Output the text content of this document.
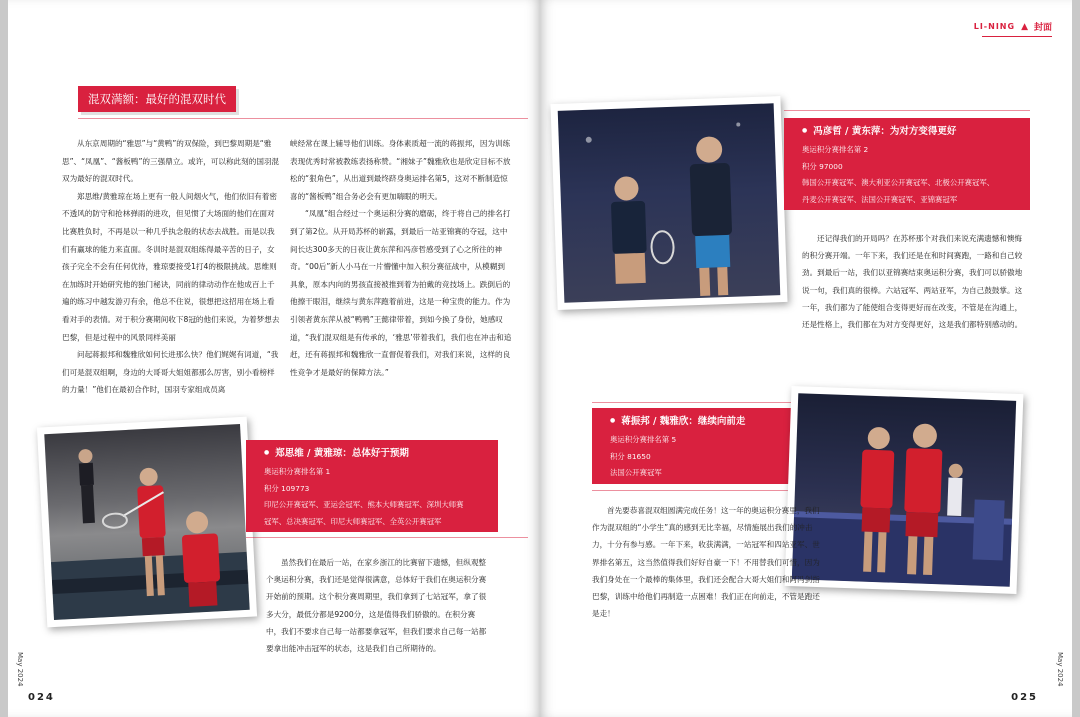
混双满额：最好的混双时代

从东京周期的“雅思”与“黄鸭”的双保险，到巴黎周期是“雅思”、“凤凰”、“酱板鸭”的三强鼎立。或许，可以称此刻的国羽混双为最好的混双时代。

郑思维/黄雅琼在场上更有一般人间烟火气，他们依旧有着密不透风的防守和抢林弹雨的进攻，但见惯了大场面的他们在面对比赛胜负时，不再是以一种几乎执念般的状态去战胜。而是以我们有赢球的能力来直面。冬训时是混双组练得最辛苦的日子，女孩子完全不会有任何优待，雅琼要接受1打4的极限挑战。思维则在加练时开始研究他的独门秘诀，同前的律动动作在他成百上千遍的练习中越发游刃有余，他总不住说，很想把这招用在场上看看对手的表情。对于积分赛期间收下8冠的他们来说，为着梦想去巴黎，但是过程中的风景同样美丽

问起蒋振邦和魏雅欣如何长进那么快？他们娓娓有词道，“我们可是混双组啊，身边的大哥哥大姐姐都那么厉害，别小看榜样的力量！”他们在最初合作时，国羽专家组成员离

峡经常在课上辅导他们训练。身体素质超一流的蒋振邦，因为训练表现优秀时常被教练表扬称赞。“湘妹子”魏雅欣也是欣定目标不放松的“狠角色”，从出道到最终跻身奥运排名第5，这对不断制造惊喜的“酱板鸭”组合务必会有更加嗨眼的明天。

“凤凰”组合经过一个奥运积分赛的磨砺，终于将自己的排名打到了第2位。从开局苏杯的崭露，到最后一站亚锦赛的夺冠，这中间长达300多天的日夜让黄东萍和冯彦哲感受到了心之所往的神奇。“00后”新人小马在一片懵懂中加入积分赛征战中，从模糊到具象，原本内向的男孩直接被推到着为拍戴的竞技场上。跌倒后的他擦干眼泪，继续与黄东萍跑着前进，这是一种宝贵的能力。作为引领者黄东萍从被“鸭鸭”王懿律带着，到如今换了身份，她感叹道，“我们混双组是有传承的，‘雅思’带着我们，我们也在冲击和追赶，还有蒋振邦和魏雅欣一直督促着我们，对我们来说，这样的良性竞争才是最好的保障方法。”

● 郑思维 / 黄雅琼：总体好于预期
奥运积分赛排名第 1
积分 109773
印尼公开赛冠军、亚运会冠军、熊本大师赛冠军、深圳大师赛
冠军、总决赛冠军、印尼大师赛冠军、全英公开赛冠军

虽然我们在最后一站，在家乡浙江的比赛留下遗憾，但纵观整个奥运积分赛，我们还是觉得很满意，总体好于我们在奥运积分赛开始前的预期。这个积分赛周期里，我们拿到了七站冠军，拿了很多大分，最低分都是9200分，这是值得我们骄傲的。在积分赛中，我们不要求自己每一站都要拿冠军，但我们要求自己每一站都要拿出能冲击冠军的状态，这是我们自己所期待的。

May 2024
024
LI-NING ▲ 封面
● 冯彦哲 / 黄东萍：为对方变得更好
奥运积分赛排名第 2
积分 97000
韩国公开赛冠军、澳大利亚公开赛冠军、北极公开赛冠军、
丹麦公开赛冠军、法国公开赛冠军、亚锦赛冠军

还记得我们的开局吗？在苏杯那个对我们来说充满遗憾和懊悔的积分赛开端。一年下来，我们还是在和时间赛跑，一路和自己较劲。到最后一站，我们以亚锦赛结束奥运积分赛，我们可以骄傲地说一句，我们真的很棒。六站冠军、两站亚军，为自己鼓鼓掌。这一年，我们都为了能使组合变得更好而在改变，不管是在沟通上，还是性格上，我们都在为对方变得更好，这是我们都特别感动的。

● 蒋振邦 / 魏雅欣：继续向前走
奥运积分赛排名第 5
积分 81650
法国公开赛冠军

首先要恭喜混双组圆满完成任务！这一年的奥运积分赛里，我们作为混双组的“小学生”真的感到无比幸福，尽情施展出我们的冲击力，十分有参与感。一年下来，收获满满，一站冠军和四站亚军、世界排名第五，这当然值得我们好好自豪一下！不用替我们可惜，因为我们身处在一个最棒的集体里，我们还会配合大哥大姐们和阿冯剑指巴黎，训练中给他们再制造一点困难！我们正在向前走，不管是跑还是走！

025
May 2024
